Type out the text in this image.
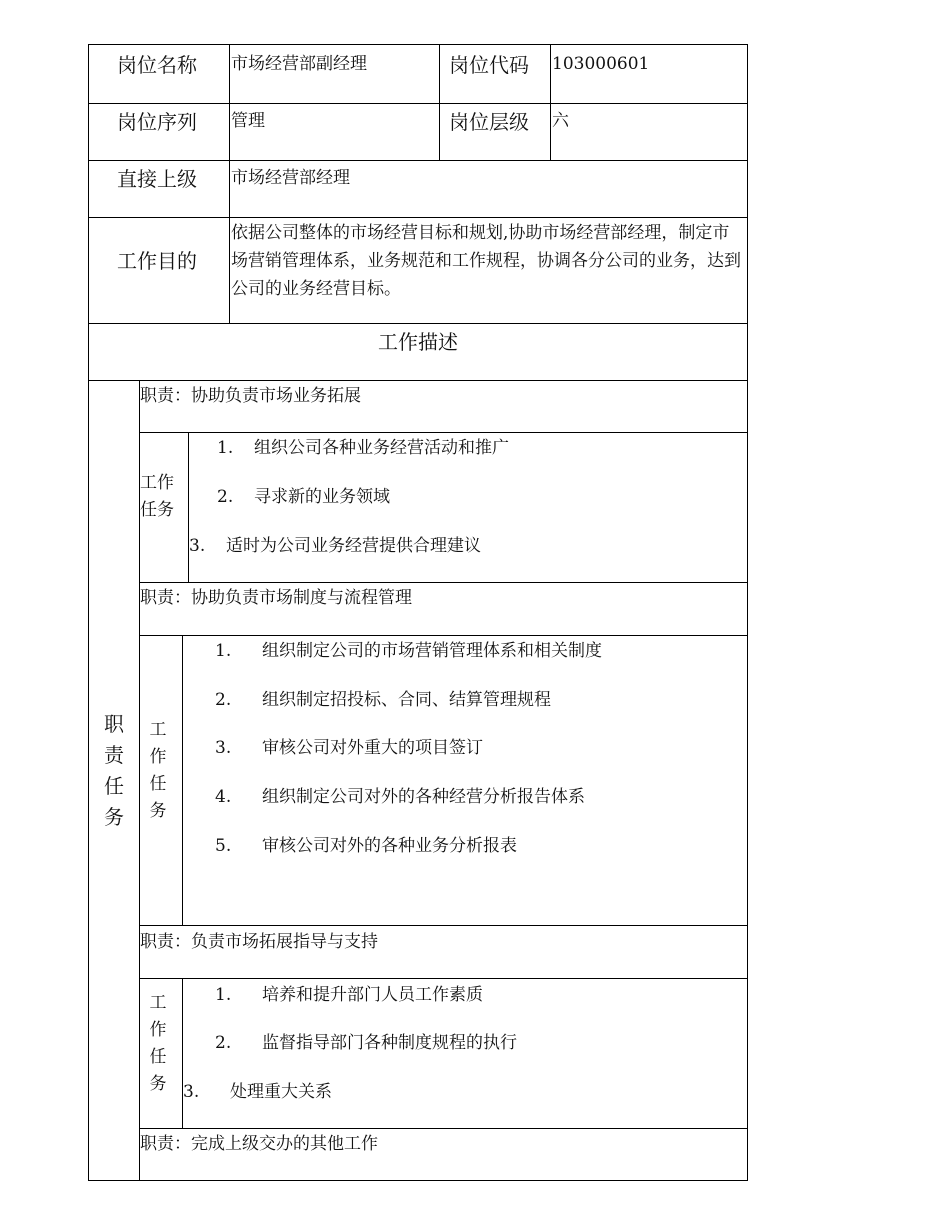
岗位名称 市场经营部副经理	岗位代码 103000601
岗位序列 管理	岗位层级 六
直接上级 市场经营部经理
工作目的
依据公司整体的市场经营目标和规划,协助市场经营部经理，制定市场营销管理体系，业务规范和工作规程，协调各分公司的业务，达到公司的业务经营目标。
工作描述
职
责
任
务
职责：协助负责市场业务拓展
工作
任务
1. 组织公司各种业务经营活动和推广
2. 寻求新的业务领域
3. 适时为公司业务经营提供合理建议
职责：协助负责市场制度与流程管理
工
作
任
务
1. 组织制定公司的市场营销管理体系和相关制度
2. 组织制定招投标、合同、结算管理规程
3. 审核公司对外重大的项目签订
4. 组织制定公司对外的各种经营分析报告体系
5. 审核公司对外的各种业务分析报表
职责：负责市场拓展指导与支持
工
作
任
务
1. 培养和提升部门人员工作素质
2. 监督指导部门各种制度规程的执行
3. 处理重大关系
职责：完成上级交办的其他工作
